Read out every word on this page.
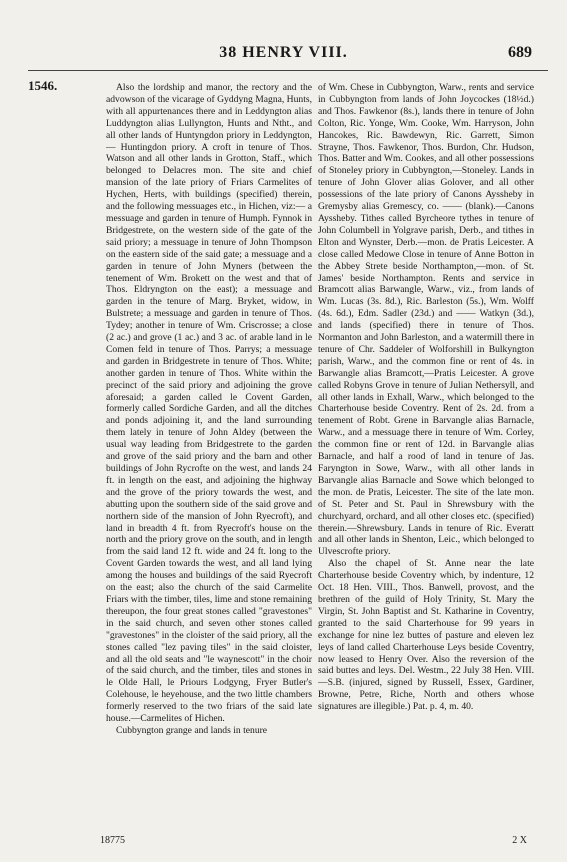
38 HENRY VIII.	689
1546.	Also the lordship and manor, the rectory and the advowson of the vicarage of Gyddyng Magna, Hunts, with all appurtenances there and in Leddyngton alias Luddyngton alias Lullyngton, Hunts and Ntht., and all other lands of Huntyngdon priory in Leddyngton, — Huntingdon priory. A croft in tenure of Thos. Watson and all other lands in Grotton, Staff., which belonged to Delacres mon. The site and chief mansion of the late priory of Friars Carmelites of Hychen, Herts, with buildings (specified) therein, and the following messuages etc., in Hichen, viz:— a messuage and garden in tenure of Humph. Fynnok in Bridgestrete, on the western side of the gate of the said priory; a messuage in tenure of John Thompson on the eastern side of the said gate; a messuage and a garden in tenure of John Myners (between the tenement of Wm. Brokett on the west and that of Thos. Eldryngton on the east); a messuage and garden in the tenure of Marg. Bryket, widow, in Bulstrete; a messuage and garden in tenure of Thos. Tydey; another in tenure of Wm. Criscrosse; a close (2 ac.) and grove (1 ac.) and 3 ac. of arable land in le Comen feld in tenure of Thos. Parrys; a messuage and garden in Bridgestrete in tenure of Thos. White; another garden in tenure of Thos. White within the precinct of the said priory and adjoining the grove aforesaid; a garden called le Covent Garden, formerly called Sordiche Garden, and all the ditches and ponds adjoining it, and the land surrounding them lately in tenure of John Aldey (between the usual way leading from Bridgestrete to the garden and grove of the said priory and the barn and other buildings of John Rycrofte on the west, and lands 24 ft. in length on the east, and adjoining the highway and the grove of the priory towards the west, and abutting upon the southern side of the said grove and northern side of the mansion of John Ryecroft), and land in breadth 4 ft. from Ryecroft's house on the north and the priory grove on the south, and in length from the said land 12 ft. wide and 24 ft. long to the Covent Garden towards the west, and all land lying among the houses and buildings of the said Ryecroft on the east; also the church of the said Carmelite Friars with the timber, tiles, lime and stone remaining thereupon, the four great stones called "gravestones" in the said church, and seven other stones called "gravestones" in the cloister of the said priory, all the stones called "lez paving tiles" in the said cloister, and all the old seats and "le waynescott" in the choir of the said church, and the timber, tiles and stones in le Olde Hall, le Priours Lodgyng, Fryer Butler's Colehouse, le heyehouse, and the two little chambers formerly reserved to the two friars of the said late house.—Carmelites of Hichen.

Cubbyngton grange and lands in tenure

of Wm. Chese in Cubbyngton, Warw., rents and service in Cubbyngton from lands of John Joycockes (18½d.) and Thos. Fawkenor (8s.), lands there in tenure of John Colton, Ric. Yonge, Wm. Cooke, Wm. Harryson, John Hancokes, Ric. Bawdewyn, Ric. Garrett, Simon Strayne, Thos. Fawkenor, Thos. Burdon, Chr. Hudson, Thos. Batter and Wm. Cookes, and all other possessions of Stoneley priory in Cubbyngton,—Stoneley. Lands in tenure of John Glover alias Golover, and all other possessions of the late priory of Canons Ayssheby in Gremysby alias Gremescy, co. —— (blank).—Canons Ayssheby. Tithes called Byrcheore tythes in tenure of John Columbell in Yolgrave parish, Derb., and tithes in Elton and Wynster, Derb.—mon. de Pratis Leicester. A close called Medowe Close in tenure of Anne Botton in the Abbey Strete beside Northampton,—mon. of St. James' beside Northampton. Rents and service in Bramcott alias Barwangle, Warw., viz., from lands of Wm. Lucas (3s. 8d.), Ric. Barleston (5s.), Wm. Wolff (4s. 6d.), Edm. Sadler (23d.) and —— Watkyn (3d.), and lands (specified) there in tenure of Thos. Normanton and John Barleston, and a watermill there in tenure of Chr. Saddeler of Wolforshill in Bulkyngton parish, Warw., and the common fine or rent of 4s. in Barwangle alias Bramcott,—Pratis Leicester. A grove called Robyns Grove in tenure of Julian Nethersyll, and all other lands in Exhall, Warw., which belonged to the Charterhouse beside Coventry. Rent of 2s. 2d. from a tenement of Robt. Grene in Barvangle alias Barnacle, Warw., and a messuage there in tenure of Wm. Corley, the common fine or rent of 12d. in Barvangle alias Barnacle, and half a rood of land in tenure of Jas. Faryngton in Sowe, Warw., with all other lands in Barvangle alias Barnacle and Sowe which belonged to the mon. de Pratis, Leicester. The site of the late mon. of St. Peter and St. Paul in Shrewsbury with the churchyard, orchard, and all other closes etc. (specified) therein.—Shrewsbury. Lands in tenure of Ric. Everatt and all other lands in Shenton, Leic., which belonged to Ulvescrofte priory.

Also the chapel of St. Anne near the late Charterhouse beside Coventry which, by indenture, 12 Oct. 18 Hen. VIII., Thos. Banwell, provost, and the brethren of the guild of Holy Trinity, St. Mary the Virgin, St. John Baptist and St. Katharine in Coventry, granted to the said Charterhouse for 99 years in exchange for nine lez buttes of pasture and eleven lez leys of land called Charterhouse Leys beside Coventry, now leased to Henry Over. Also the reversion of the said buttes and leys. Del. Westm., 22 July 38 Hen. VIII. —S.B. (injured, signed by Russell, Essex, Gardiner, Browne, Petre, Riche, North and others whose signatures are illegible.) Pat. p. 4, m. 40.

18775	2 X
